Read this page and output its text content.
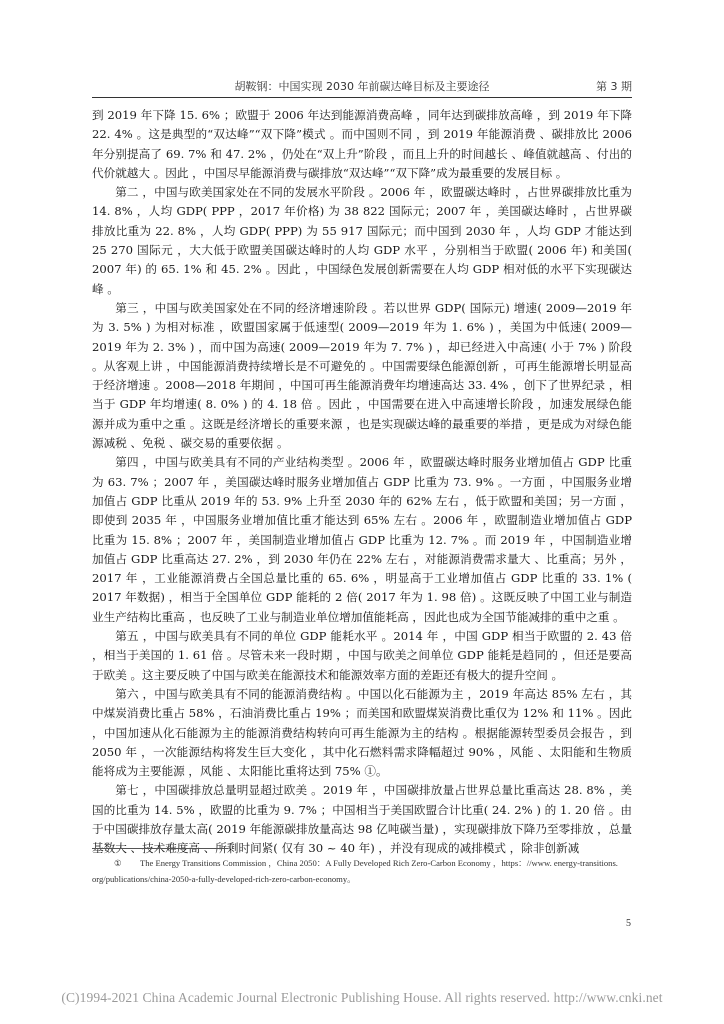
胡鞍钢：中国实现 2030 年前碳达峰目标及主要途径	第 3 期

到 2019 年下降 15. 6% ；欧盟于 2006 年达到能源消费高峰 ，同年达到碳排放高峰 ，到 2019 年下降 22. 4% 。这是典型的“双达峰”“双下降”模式 。而中国则不同 ，到 2019 年能源消费 、碳排放比 2006 年分别提高了 69. 7% 和 47. 2% ，仍处在“双上升”阶段 ，而且上升的时间越长 、峰值就越高 、付出的代价就越大 。因此 ，中国尽早能源消费与碳排放“双达峰”“双下降”成为最重要的发展目标 。

第二 ，中国与欧美国家处在不同的发展水平阶段 。2006 年 ，欧盟碳达峰时 ，占世界碳排放比重为 14. 8% ，人均 GDP( PPP ，2017 年价格) 为 38 822 国际元；2007 年 ，美国碳达峰时 ，占世界碳排放比重为 22. 8% ，人均 GDP( PPP) 为 55 917 国际元；而中国到 2030 年 ，人均 GDP 才能达到 25 270 国际元 ，大大低于欧盟美国碳达峰时的人均 GDP 水平 ，分别相当于欧盟( 2006 年) 和美国( 2007 年) 的 65. 1% 和 45. 2% 。因此 ，中国绿色发展创新需要在人均 GDP 相对低的水平下实现碳达峰 。

第三 ，中国与欧美国家处在不同的经济增速阶段 。若以世界 GDP( 国际元) 增速( 2009—2019 年为 3. 5% ) 为相对标准 ，欧盟国家属于低速型( 2009—2019 年为 1. 6% ) ，美国为中低速( 2009—2019 年为 2. 3% ) ，而中国为高速( 2009—2019 年为 7. 7% ) ，却已经进入中高速( 小于 7% ) 阶段 。从客观上讲 ，中国能源消费持续增长是不可避免的 。中国需要绿色能源创新 ，可再生能源增长明显高于经济增速 。2008—2018 年期间 ，中国可再生能源消费年均增速高达 33. 4% ，创下了世界纪录 ，相当于 GDP 年均增速( 8. 0% ) 的 4. 18 倍 。因此 ，中国需要在进入中高速增长阶段 ，加速发展绿色能源并成为重中之重 。这既是经济增长的重要来源 ，也是实现碳达峰的最重要的举措 ，更是成为对绿色能源减税 、免税 、碳交易的重要依据 。

第四 ，中国与欧美具有不同的产业结构类型 。2006 年 ，欧盟碳达峰时服务业增加值占 GDP 比重为 63. 7% ；2007 年 ，美国碳达峰时服务业增加值占 GDP 比重为 73. 9% 。一方面 ，中国服务业增加值占 GDP 比重从 2019 年的 53. 9% 上升至 2030 年的 62% 左右 ，低于欧盟和美国；另一方面 ，即使到 2035 年 ，中国服务业增加值比重才能达到 65% 左右 。2006 年 ，欧盟制造业增加值占 GDP 比重为 15. 8% ；2007 年 ，美国制造业增加值占 GDP 比重为 12. 7% 。而 2019 年 ，中国制造业增加值占 GDP 比重高达 27. 2% ，到 2030 年仍在 22% 左右 ，对能源消费需求量大 、比重高；另外 ，2017 年 ，工业能源消费占全国总量比重的 65. 6% ，明显高于工业增加值占 GDP 比重的 33. 1% ( 2017 年数据) ，相当于全国单位 GDP 能耗的 2 倍( 2017 年为 1. 98 倍) 。这既反映了中国工业与制造业生产结构比重高 ，也反映了工业与制造业单位增加值能耗高 ，因此也成为全国节能减排的重中之重 。

第五 ，中国与欧美具有不同的单位 GDP 能耗水平 。2014 年 ，中国 GDP 相当于欧盟的 2. 43 倍 ，相当于美国的 1. 61 倍 。尽管未来一段时期 ，中国与欧美之间单位 GDP 能耗是趋同的 ，但还是要高于欧美 。这主要反映了中国与欧美在能源技术和能源效率方面的差距还有极大的提升空间 。

第六 ，中国与欧美具有不同的能源消费结构 。中国以化石能源为主 ，2019 年高达 85% 左右 ，其中煤炭消费比重占 58% ，石油消费比重占 19% ；而美国和欧盟煤炭消费比重仅为 12% 和 11% 。因此 ，中国加速从化石能源为主的能源消费结构转向可再生能源为主的结构 。根据能源转型委员会报告 ，到 2050 年 ，一次能源结构将发生巨大变化 ，其中化石燃料需求降幅超过 90% ，风能 、太阳能和生物质能将成为主要能源 ，风能 、太阳能比重将达到 75% ①。

第七 ，中国碳排放总量明显超过欧美 。2019 年 ，中国碳排放量占世界总量比重高达 28. 8% ，美国的比重为 14. 5% ，欧盟的比重为 9. 7% ；中国相当于美国欧盟合计比重( 24. 2% ) 的 1. 20 倍 。由于中国碳排放存量太高( 2019 年能源碳排放量高达 98 亿吨碳当量) ，实现碳排放下降乃至零排放 ，总量基数大 、技术难度高 、所剩时间紧( 仅有 30 ~ 40 年) ，并没有现成的减排模式 ，除非创新减

① The Energy Transitions Commission ，China 2050：A Fully Developed Rich Zero-Carbon Economy ，https：//www. energy-transitions. org/publications/china-2050-a-fully-developed-rich-zero-carbon-economy。
5
(C)1994-2021 China Academic Journal Electronic Publishing House. All rights reserved. http://www.cnki.net
